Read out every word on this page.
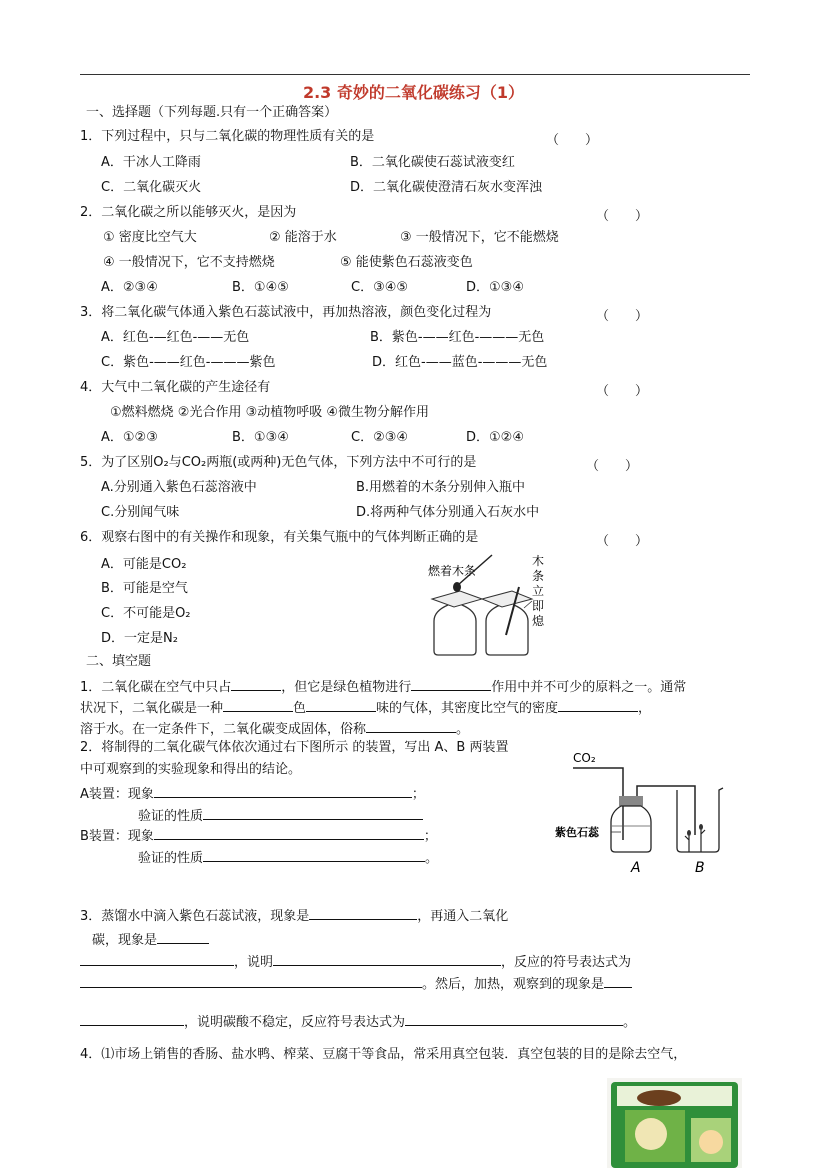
2.3 奇妙的二氧化碳练习（1）
一、选择题（下列每题.只有一个正确答案）
1．下列过程中，只与二氧化碳的物理性质有关的是	（　　）
A．干冰人工降雨	B．二氧化碳使石蕊试液变红
C．二氧化碳灭火	D．二氧化碳使澄清石灰水变浑浊
2．二氧化碳之所以能够灭火，是因为	（　　）
① 密度比空气大	② 能溶于水	③ 一般情况下，它不能燃烧
④ 一般情况下，它不支持燃烧	⑤ 能使紫色石蕊液变色
A．②③④	B．①④⑤	C．③④⑤	D．①③④
3．将二氧化碳气体通入紫色石蕊试液中，再加热溶液，颜色变化过程为	（　　）
A．红色-—红色-——无色	B．紫色-——红色-———无色
C．紫色-——红色-———紫色	D．红色-——蓝色-———无色
4．大气中二氧化碳的产生途径有	（　　）
①燃料燃烧 ②光合作用 ③动植物呼吸 ④微生物分解作用
A．①②③	B．①③④	C．②③④	D．①②④
5．为了区别O₂与CO₂两瓶(或两种)无色气体，下列方法中不可行的是	（　　）
A.分别通入紫色石蕊溶液中	B.用燃着的木条分别伸入瓶中
C.分别闻气味	D.将两种气体分别通入石灰水中
6．观察右图中的有关操作和现象，有关集气瓶中的气体判断正确的是	（　　）
A．可能是CO₂
B．可能是空气
C．不可能是O₂
D．一定是N₂
燃着木条
木条立即熄
二、填空题
1．二氧化碳在空气中只占	，但它是绿色植物进行	作用中并不可少的原料之一。通常
状况下，二氧化碳是一种	色	味的气体，其密度比空气的密度	，
溶于水。在一定条件下，二氧化碳变成固体，俗称	。
2．将制得的二氧化碳气体依次通过右下图所示 的装置，写出 A、B 两装置
中可观察到的实验现象和得出的结论。
A装置：现象	；
验证的性质
B装置：现象	；
验证的性质	。
CO₂
紫色石蕊
A	B
3．蒸馏水中滴入紫色石蕊试液，现象是	，再通入二氧化
碳，现象是
，说明	，反应的符号表达式为
。然后，加热，观察到的现象是
，说明碳酸不稳定，反应符号表达式为	。
4．⑴市场上销售的香肠、盐水鸭、榨菜、豆腐干等食品，常采用真空包装．真空包装的目的是除去空气，
